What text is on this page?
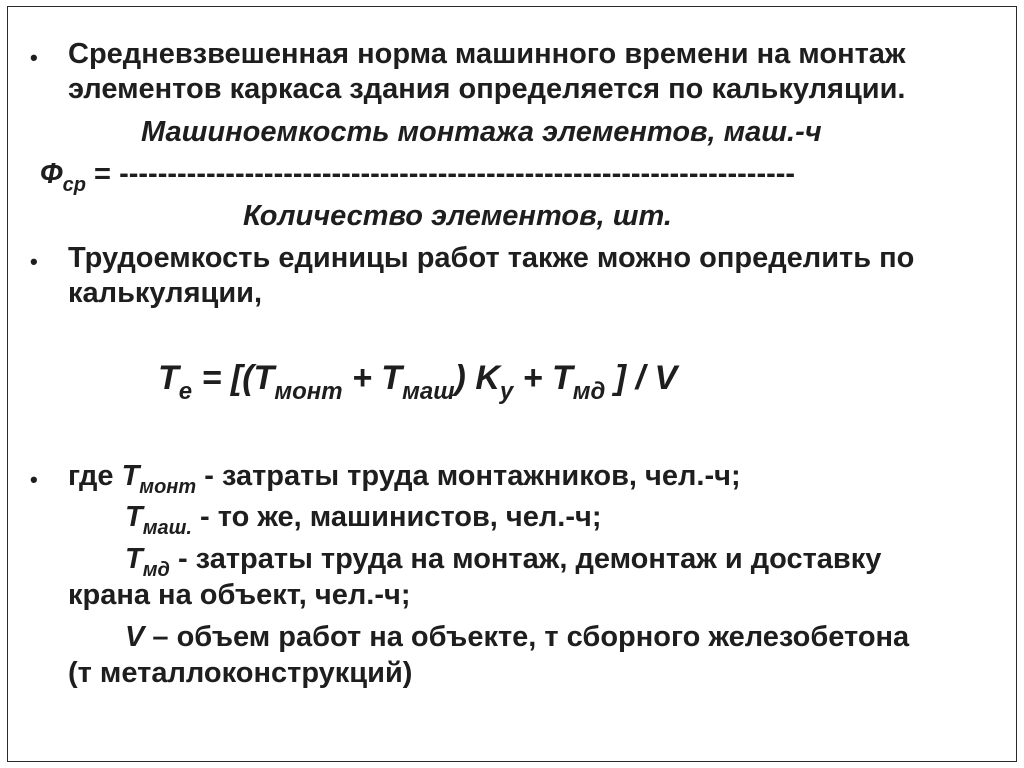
• Средневзвешенная норма машинного времени на монтаж
элементов каркаса здания определяется по калькуляции.
Машиноемкость монтажа элементов, маш.-ч
$Ф_{ср}$ = ----------------------------------------------------------------------
Количество элементов, шт.
• Трудоемкость единицы работ также можно определить по
калькуляции,
$T_е = [(T_{монт} + T_{маш}) K_у + T_{мд}$ ] / V
• где $T_{монт}$ - затраты труда монтажников, чел.-ч;
$T_{маш.}$ - то же, машинистов, чел.-ч;
$T_{мд}$ - затраты труда на монтаж, демонтаж и доставку
крана на объект, чел.-ч;
V – объем работ на объекте, т сборного железобетона
(т металлоконструкций)
